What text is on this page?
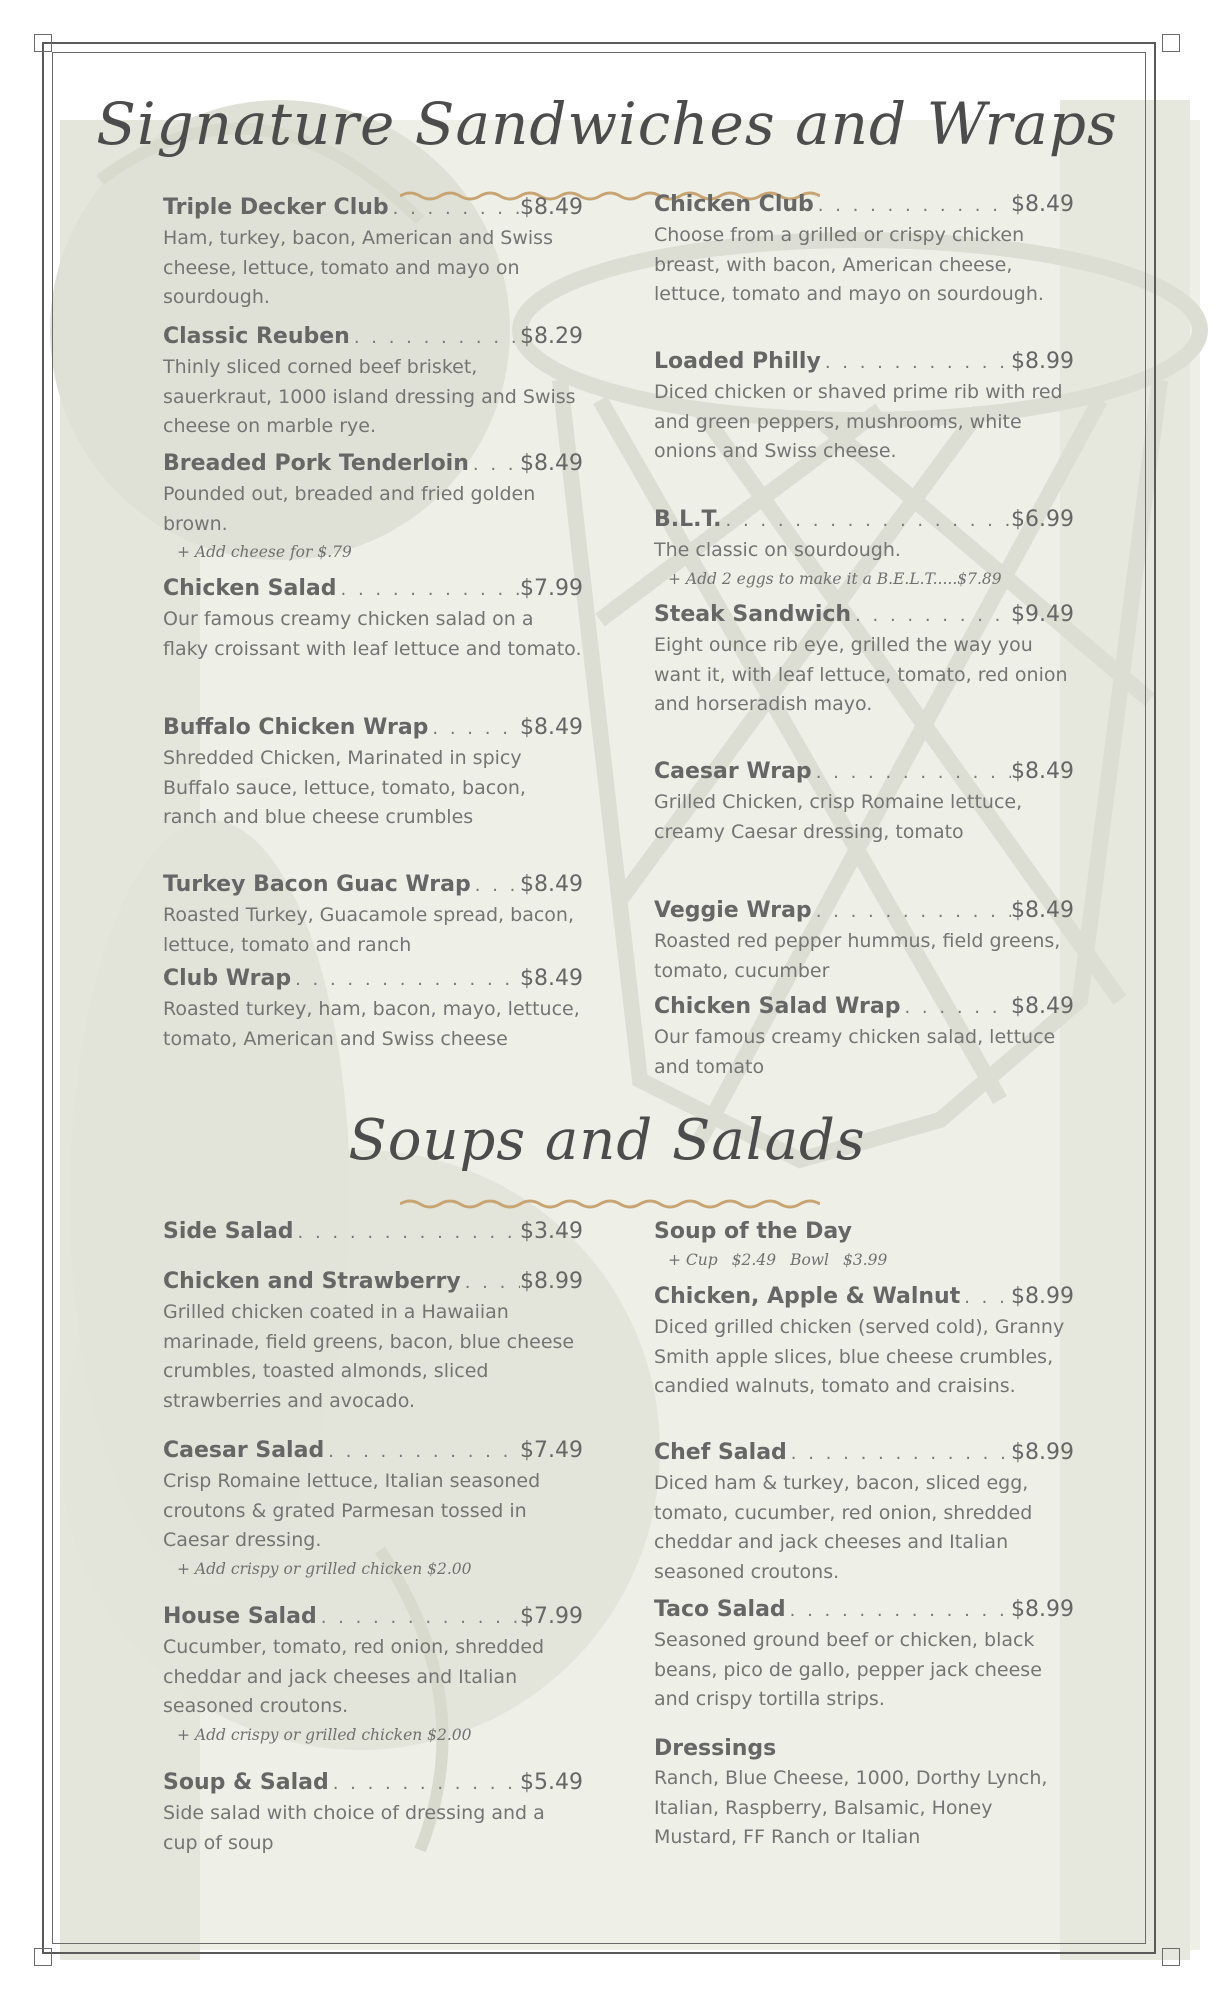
Signature Sandwiches and Wraps
Soups and Salads
Triple Decker Club . . .	$8.49

Ham, turkey, bacon, American and Swiss cheese, lettuce, tomato and mayo on sourdough.

Classic Reuben . . .	$8.29

Thinly sliced corned beef brisket, sauerkraut, 1000 island dressing and Swiss cheese on marble rye.

Breaded Pork Tenderloin . . . $8.49

Pounded out, breaded and fried golden brown.

+ Add cheese for $.79

Chicken Salad . . .	$7.99

Our famous creamy chicken salad on a flaky croissant with leaf lettuce and tomato.

Buffalo Chicken Wrap . . .	$8.49

Shredded Chicken, Marinated in spicy Buffalo sauce, lettuce, tomato, bacon, ranch and blue cheese crumbles

Turkey Bacon Guac Wrap . . . $8.49

Roasted Turkey, Guacamole spread, bacon, lettuce, tomato and ranch

Club Wrap . . .	$8.49

Roasted turkey, ham, bacon, mayo, lettuce, tomato, American and Swiss cheese

Chicken Club . . .	$8.49

Choose from a grilled or crispy chicken breast, with bacon, American cheese, lettuce, tomato and mayo on sourdough.

Loaded Philly . . .	$8.99

Diced chicken or shaved prime rib with red and green peppers, mushrooms, white onions and Swiss cheese.

B.L.T. . . .	$6.99

The classic on sourdough.

+ Add 2 eggs to make it a B.E.L.T.....$7.89

Steak Sandwich . . .	$9.49

Eight ounce rib eye, grilled the way you want it, with leaf lettuce, tomato, red onion and horseradish mayo.

Caesar Wrap . . .	$8.49

Grilled Chicken, crisp Romaine lettuce, creamy Caesar dressing, tomato

Veggie Wrap . . .	$8.49

Roasted red pepper hummus, field greens, tomato, cucumber

Chicken Salad Wrap . . .	$8.49

Our famous creamy chicken salad, lettuce and tomato

Side Salad . . .	$3.49
Chicken and Strawberry . . .	$8.99

Grilled chicken coated in a Hawaiian marinade, field greens, bacon, blue cheese crumbles, toasted almonds, sliced strawberries and avocado.

Caesar Salad . . .	$7.49

Crisp Romaine lettuce, Italian seasoned croutons & grated Parmesan tossed in Caesar dressing.

+ Add crispy or grilled chicken $2.00

House Salad . . .	$7.99

Cucumber, tomato, red onion, shredded cheddar and jack cheeses and Italian seasoned croutons.

+ Add crispy or grilled chicken $2.00

Soup & Salad . . .	$5.49

Side salad with choice of dressing and a cup of soup

Soup of the Day

+ Cup $2.49 Bowl $3.99

Chicken, Apple & Walnut . . . $8.99

Diced grilled chicken (served cold), Granny Smith apple slices, blue cheese crumbles, candied walnuts, tomato and craisins.

Chef Salad . . .	$8.99

Diced ham & turkey, bacon, sliced egg, tomato, cucumber, red onion, shredded cheddar and jack cheeses and Italian seasoned croutons.

Taco Salad . . .	$8.99

Seasoned ground beef or chicken, black beans, pico de gallo, pepper jack cheese and crispy tortilla strips.

Dressings

Ranch, Blue Cheese, 1000, Dorthy Lynch, Italian, Raspberry, Balsamic, Honey Mustard, FF Ranch or Italian
